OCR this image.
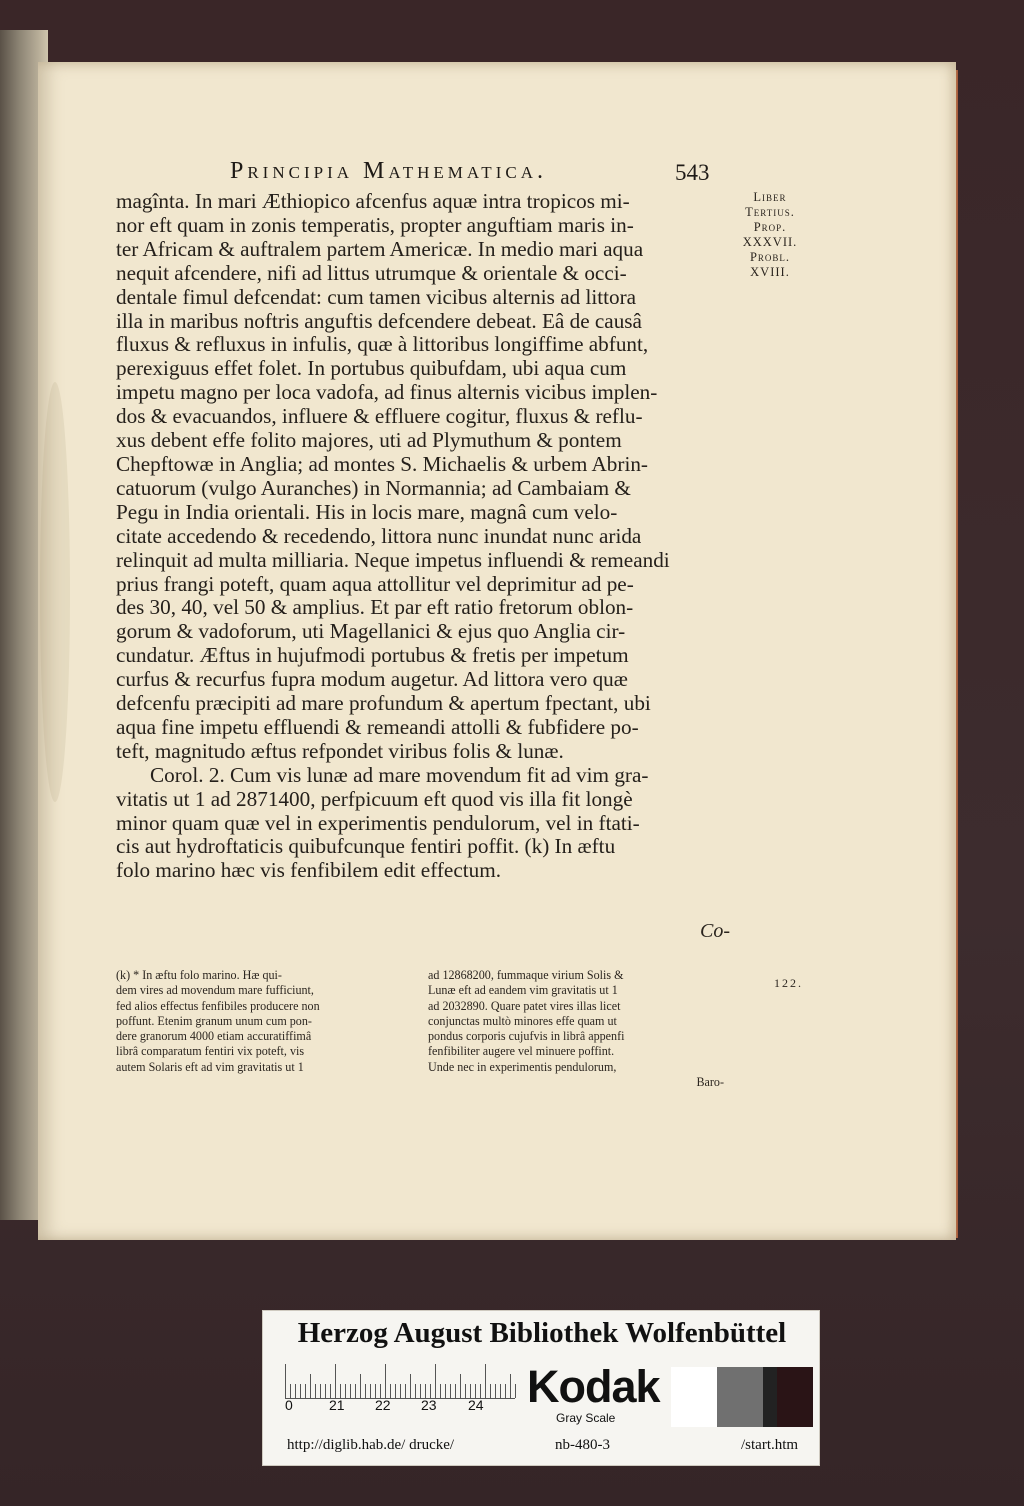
Principia Mathematica.	543
Liber
Tertius.
Prop.
XXXVII.
Probl.
XVIII.
magînta. In mari Æthiopico afcenfus aquæ intra tropicos mi-
nor eft quam in zonis temperatis, propter anguftiam maris in-
ter Africam & auftralem partem Americæ. In medio mari aqua
nequit afcendere, nifi ad littus utrumque & orientale & occi-
dentale fimul defcendat: cum tamen vicibus alternis ad littora
illa in maribus noftris anguftis defcendere debeat. Eâ de causâ
fluxus & refluxus in infulis, quæ à littoribus longiffime abfunt,
perexiguus effet folet. In portubus quibufdam, ubi aqua cum
impetu magno per loca vadofa, ad finus alternis vicibus implen-
dos & evacuandos, influere & effluere cogitur, fluxus & reflu-
xus debent effe folito majores, uti ad Plymuthum & pontem
Chepftowæ in Anglia; ad montes S. Michaelis & urbem Abrin-
catuorum (vulgo Auranches) in Normannia; ad Cambaiam &
Pegu in India orientali. His in locis mare, magnâ cum velo-
citate accedendo & recedendo, littora nunc inundat nunc arida
relinquit ad multa milliaria. Neque impetus influendi & remeandi
prius frangi poteft, quam aqua attollitur vel deprimitur ad pe-
des 30, 40, vel 50 & amplius. Et par eft ratio fretorum oblon-
gorum & vadoforum, uti Magellanici & ejus quo Anglia cir-
cundatur. Æftus in hujufmodi portubus & fretis per impetum
curfus & recurfus fupra modum augetur. Ad littora vero quæ
defcenfu præcipiti ad mare profundum & apertum fpectant, ubi
aqua fine impetu effluendi & remeandi attolli & fubfidere po-
teft, magnitudo æftus refpondet viribus folis & lunæ.
Corol. 2. Cum vis lunæ ad mare movendum fit ad vim gra-
vitatis ut 1 ad 2871400, perfpicuum eft quod vis illa fit longè
minor quam quæ vel in experimentis pendulorum, vel in ftati-
cis aut hydroftaticis quibufcunque fentiri poffit. (k) In æftu
folo marino hæc vis fenfibilem edit effectum.
Co-
(k) * In æftu folo marino. Hæ qui-
dem vires ad movendum mare fufficiunt,
fed alios effectus fenfibiles producere non
poffunt. Etenim granum unum cum pon-
dere granorum 4000 etiam accuratiffimâ
librâ comparatum fentiri vix poteft, vis
autem Solaris eft ad vim gravitatis ut 1
ad 12868200, fummaque virium Solis &
Lunæ eft ad eandem vim gravitatis ut 1
ad 2032890. Quare patet vires illas licet
conjunctas multò minores effe quam ut
pondus corporis cujufvis in librâ appenfi
fenfibiliter augere vel minuere poffint.
Unde nec in experimentis pendulorum,
Baro-
122.
Herzog August Bibliothek Wolfenbüttel
0	21 22 23 24 Kodak
Gray Scale
http://diglib.hab.de/ drucke/	nb-480-3	/start.htm
